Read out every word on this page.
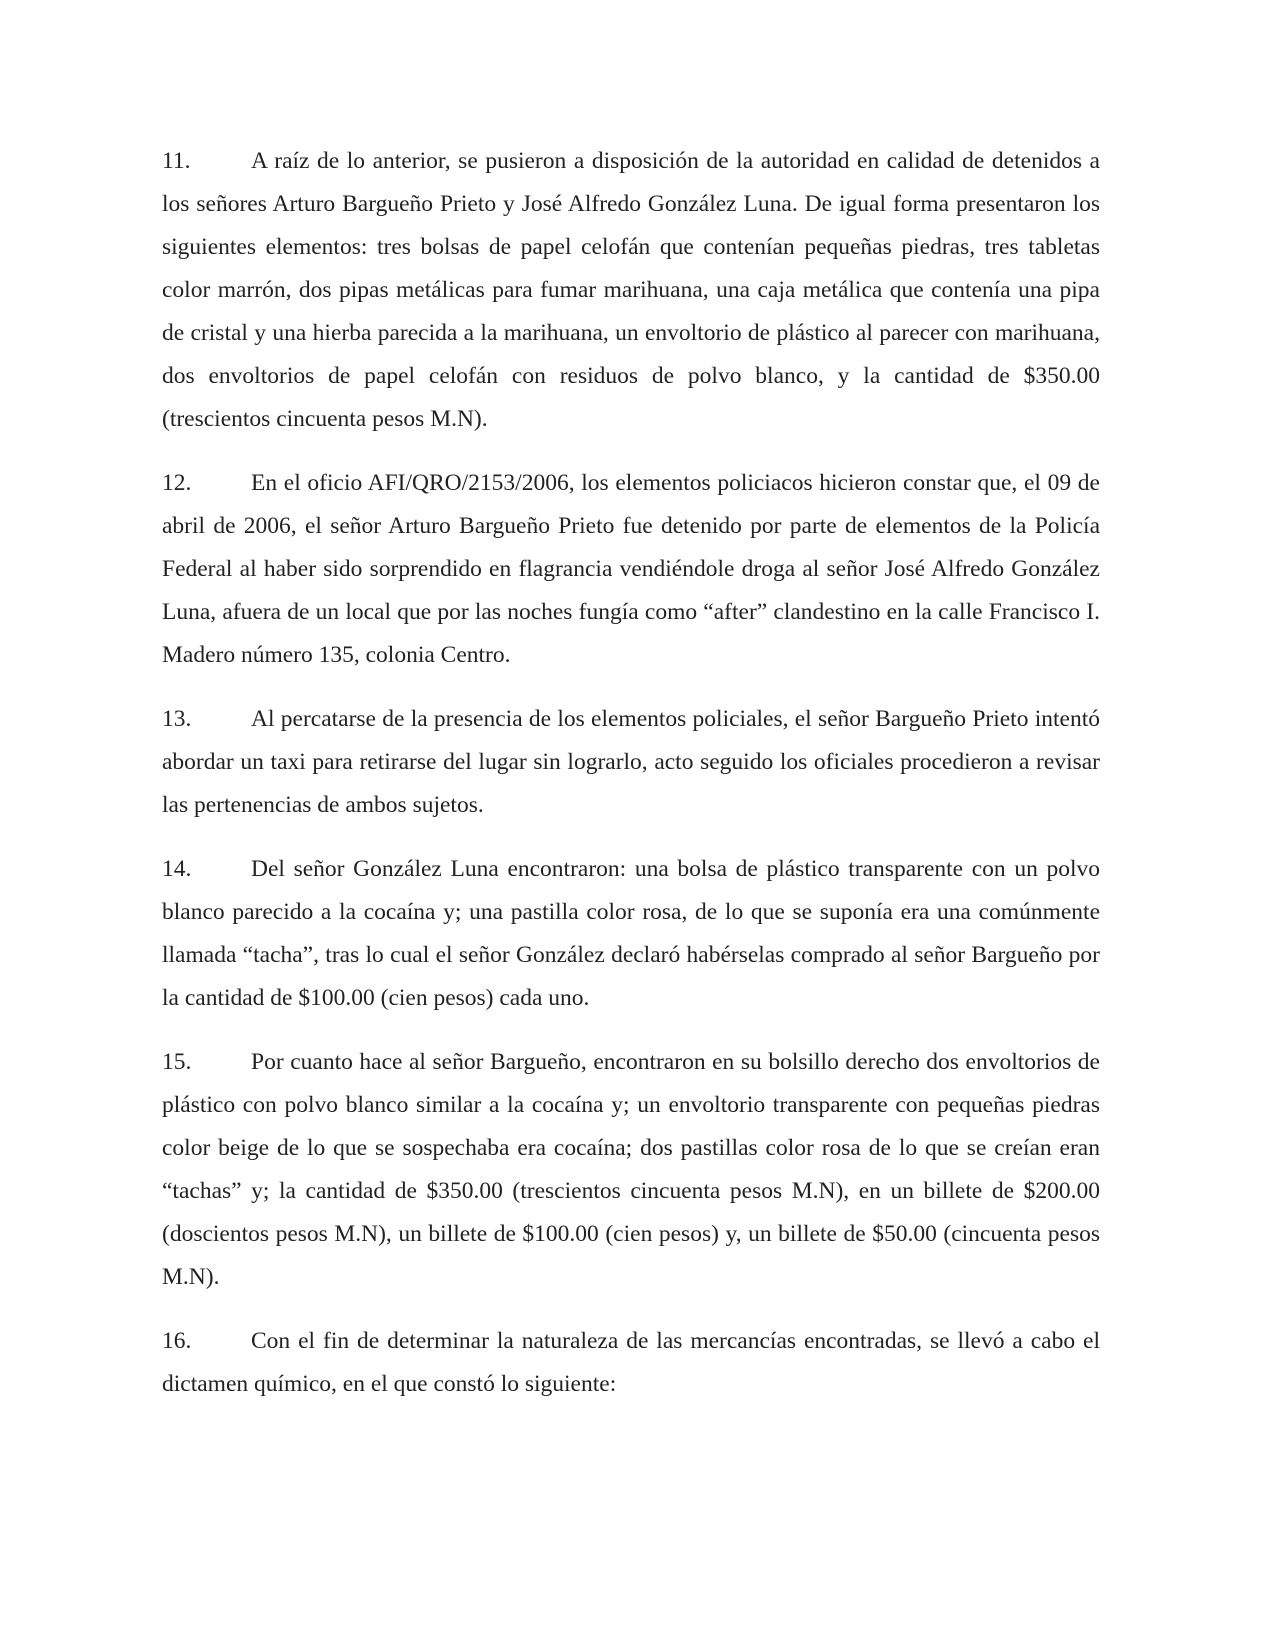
11.	A raíz de lo anterior, se pusieron a disposición de la autoridad en calidad de detenidos a los señores Arturo Bargueño Prieto y José Alfredo González Luna. De igual forma presentaron los siguientes elementos: tres bolsas de papel celofán que contenían pequeñas piedras, tres tabletas color marrón, dos pipas metálicas para fumar marihuana, una caja metálica que contenía una pipa de cristal y una hierba parecida a la marihuana, un envoltorio de plástico al parecer con marihuana, dos envoltorios de papel celofán con residuos de polvo blanco, y la cantidad de $350.00 (trescientos cincuenta pesos M.N).

12.	En el oficio AFI/QRO/2153/2006, los elementos policiacos hicieron constar que, el 09 de abril de 2006, el señor Arturo Bargueño Prieto fue detenido por parte de elementos de la Policía Federal al haber sido sorprendido en flagrancia vendiéndole droga al señor José Alfredo González Luna, afuera de un local que por las noches fungía como “after” clandestino en la calle Francisco I. Madero número 135, colonia Centro.

13.	Al percatarse de la presencia de los elementos policiales, el señor Bargueño Prieto intentó abordar un taxi para retirarse del lugar sin lograrlo, acto seguido los oficiales procedieron a revisar las pertenencias de ambos sujetos.

14.	Del señor González Luna encontraron: una bolsa de plástico transparente con un polvo blanco parecido a la cocaína y; una pastilla color rosa, de lo que se suponía era una comúnmente llamada “tacha”, tras lo cual el señor González declaró habérselas comprado al señor Bargueño por la cantidad de $100.00 (cien pesos) cada uno.

15.	Por cuanto hace al señor Bargueño, encontraron en su bolsillo derecho dos envoltorios de plástico con polvo blanco similar a la cocaína y; un envoltorio transparente con pequeñas piedras color beige de lo que se sospechaba era cocaína; dos pastillas color rosa de lo que se creían eran “tachas” y; la cantidad de $350.00 (trescientos cincuenta pesos M.N), en un billete de $200.00 (doscientos pesos M.N), un billete de $100.00 (cien pesos) y, un billete de $50.00 (cincuenta pesos M.N).

16.	Con el fin de determinar la naturaleza de las mercancías encontradas, se llevó a cabo el dictamen químico, en el que constó lo siguiente:
